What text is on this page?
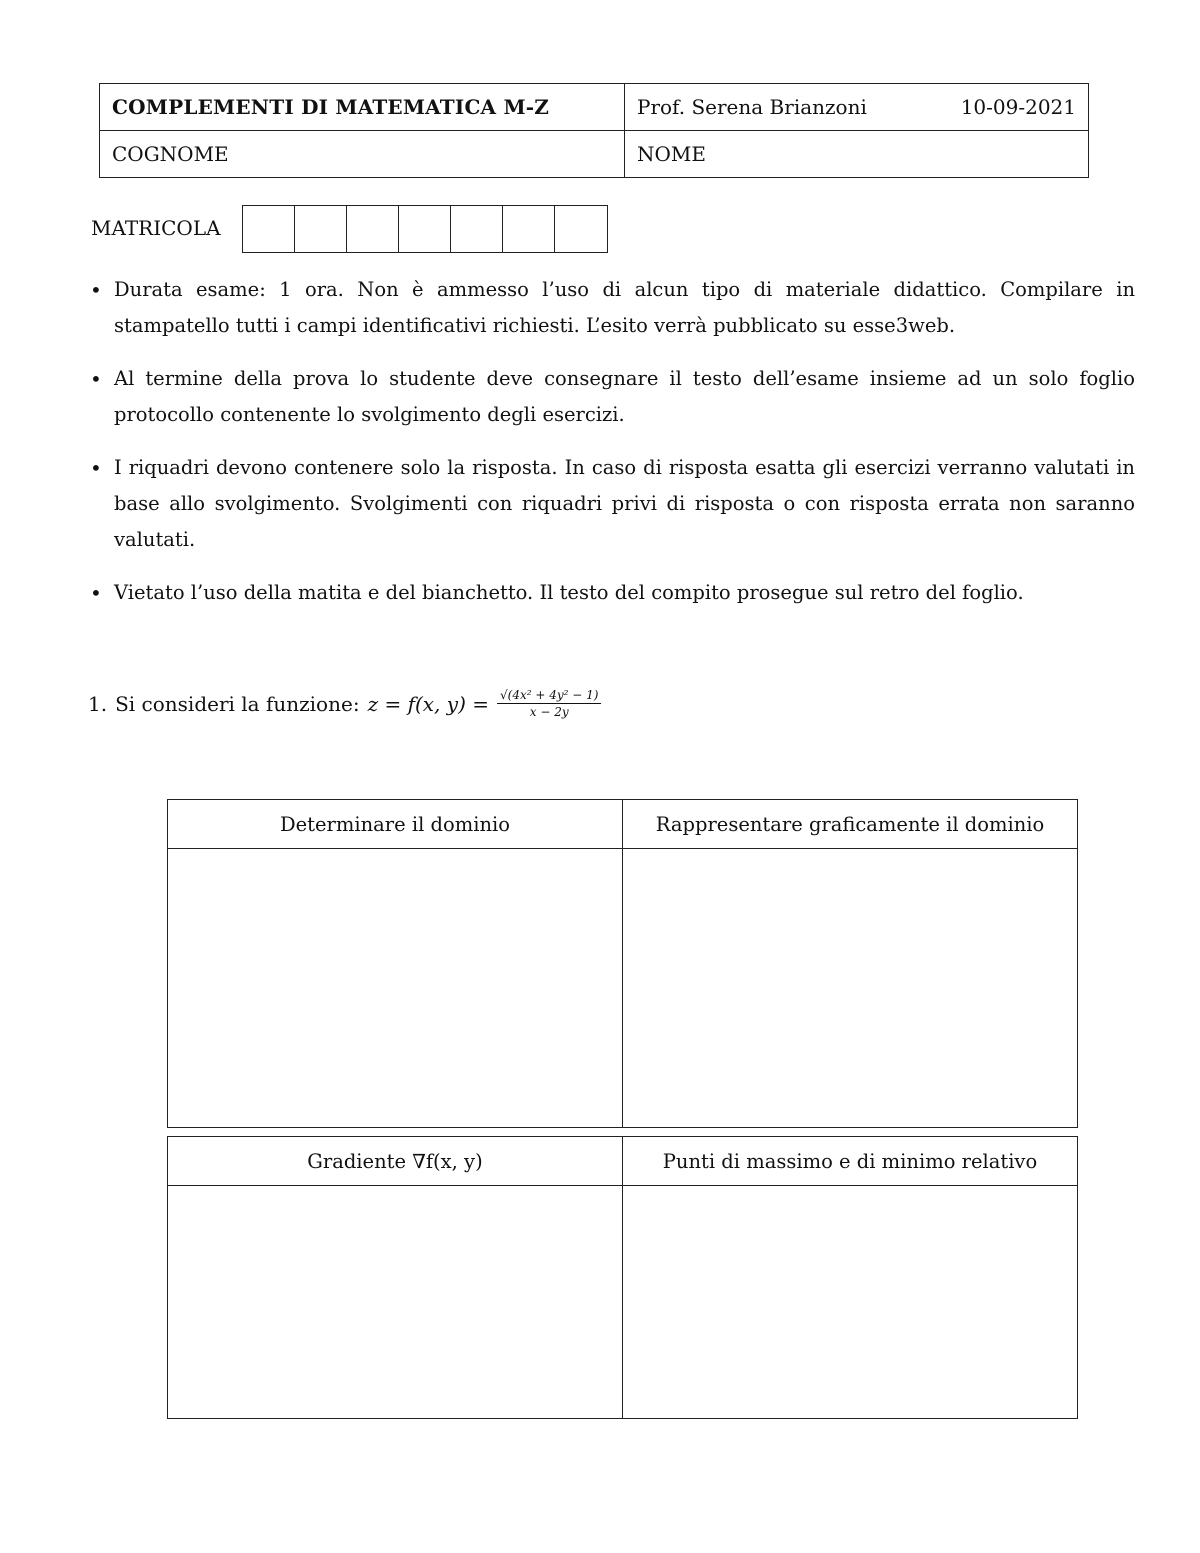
COMPLEMENTI DI MATEMATICA M-Z	Prof. Serena Brianzoni 10-09-2021

COGNOME	NOME
MATRICOLA
• Durata esame: 1 ora. Non è ammesso l’uso di alcun tipo di materiale didattico. Compilare in stampatello tutti i campi identificativi richiesti. L’esito verrà pubblicato su esse3web.
• Al termine della prova lo studente deve consegnare il testo dell’esame insieme ad un solo foglio protocollo contenente lo svolgimento degli esercizi.
• I riquadri devono contenere solo la risposta. In caso di risposta esatta gli esercizi verranno valutati in base allo svolgimento. Svolgimenti con riquadri privi di risposta o con risposta errata non saranno valutati.
• Vietato l’uso della matita e del bianchetto. Il testo del compito prosegue sul retro del foglio.
1. Si consideri la funzione: z = f(x, $y) = \frac{\text{√(4x² + 4y² − 1)}}{x - 2y}$
Determinare il dominio	Rappresentare graficamente il dominio

Gradiente ∇f(x, y)	Punti di massimo e di minimo relativo
